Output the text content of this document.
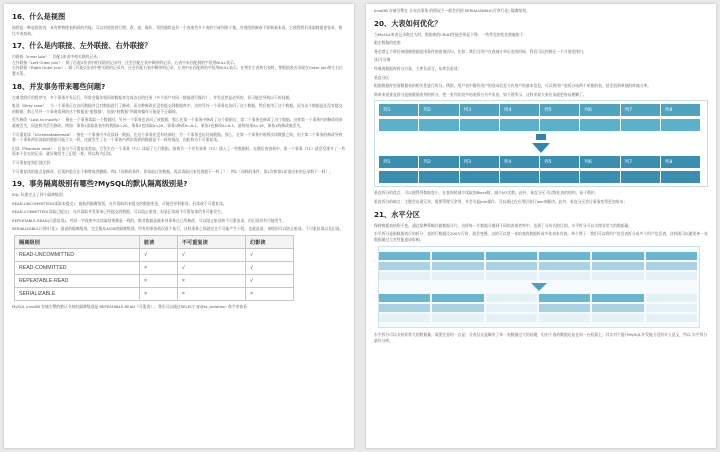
16、什么是视图
视图是一种虚拟的表，具有和物理表相同的功能。可以对视图进行增，改，查，操作，试图通常是有一个表或者多个表的行或列的子集。对视图的修改不影响基本表。它使得我们获取数据更容易，相比多表查询。
17、什么是内联接、左外联接、右外联接？
内联接（Inner Join）：匹配2张表中相关联的记录。
左外联接（Left Outer Join）：除了匹配2张表中相关联的记录外，还会匹配左表中剩余的记录，右表中未匹配到的字段用NULL表示。
右外联接（Right Outer Join）：除了匹配2张表中相关联的记录外，还会匹配右表中剩余的记录，左表中未匹配到的字段用NULL表示。在判定左表和右表时，要根据表名出现在Outer Join的左右位置关系。
18、并发事务带来哪些问题?
在典型的应用程序中，多个事务并发运行，经常会操作相同的数据来完成各自的任务（多个用户对同一数据进行操作）。并发虽然是必须的，但可能会导致以下的问题。
脏读（Dirty read）：当一个事务正在访问数据并且对数据进行了修改，而这种修改还没有提交到数据库中，这时另外一个事务也访问了这个数据，然后使用了这个数据。因为这个数据是还没有提交的数据，那么另外一个事务读到的这个数据是“脏数据”，依据“脏数据”所做的操作可能是不正确的。
丢失修改（Lost to modify）：指在一个事务读取一个数据时，另外一个事务也访问了该数据，那么在第一个事务中修改了这个数据后，第二个事务也修改了这个数据。这样第一个事务内的修改结果就被丢失，因此称为丢失修改。例如：事务1读取某表中的数据A=20，事务2也读取A=20，事务1修改A=A-1，事务2也修改A=A-1，最终结果A=19，事务1的修改被丢失。
不可重复读（Unrepeatableread）：指在一个事务内多次读同一数据。在这个事务还没有结束时，另一个事务也访问该数据。那么，在第一个事务中的两次读数据之间，由于第二个事务的修改导致第一个事务两次读取的数据可能不太一样。这就发生了在一个事务内两次读到的数据是不一样的情况，因此称为不可重复读。
幻读（Phantom read）：幻读与不可重复读类似。它发生在一个事务（T1）读取了几行数据，接着另一个并发事务（T2）插入了一些数据时。在随后的查询中，第一个事务（T1）就会发现多了一些原本不存在的记录，就好像发生了幻觉一样，所以称为幻读。
不可重复度和幻读区别：
不可重复读的重点是修改，幻读的重点在于新增或者删除。例1（同样的条件，你读取过的数据，再次读取出来发现值不一样了）：例2（同样的条件，第1次和第2次读出来的记录数不一样）。
19、事务隔离级别有哪些?MySQL的默认隔离级别是?
SQL 标准定义了四个隔离级别：
READ-UNCOMMITTED(读取未提交)：最低的隔离级别，允许读取尚未提交的数据变更，可能会导致脏读、幻读或不可重复读。
READ-COMMITTED(读取已提交)：允许读取并发事务已经提交的数据，可以阻止脏读，但是幻读或不可重复读仍有可能发生。
REPEATABLE-READ(可重复读)：对同一字段的多次读取结果都是一致的，除非数据是被本身事务自己所修改，可以阻止脏读和不可重复读，但幻读仍有可能发生。
SERIALIZABLE(可串行化)：最高的隔离级别，完全服从ACID的隔离级别。所有的事务依次逐个执行，这样事务之间就完全不可能产生干扰，也就是说，该级别可以防止脏读、不可重复读以及幻读。
隔离级别	脏读	不可重复读	幻影读
READ-UNCOMMITTED	√	√	√
READ-COMMITTED	×	√	√
REPEATABLE-READ	×	×	√
SERIALIZABLE	×	×	×
MySQL InnoDB 存储引擎的默认支持的隔离级别是 REPEATABLE-READ（可重读）。我们可以通过SELECT @@tx_isolation; 命令来查看
InnoDB 存储引擎在 分布式事务 的情况下一般会用到 SERIALIZABLE(可串行化) 隔离级别。
20、大表如何优化？
当MySQL单表记录数过大时，数据库的CRUD性能会明显下降，一些常见的优化措施如下：
限定数据的范围
务必禁止不带任何限制数据范围条件的查询语句。比如：我们当用户在查询订单历史的时候，我们可以控制在一个月的范围内；
读/写分离
经典的数据库拆分方案，主库负责写，从库负责读；
垂直分区
根据数据库里面数据表的相关性进行拆分。例如，用户表中既有用户的登录信息又有用户的基本信息，可以将用户表拆分成两个单独的表，甚至放到单独的库做分库。
简单来说垂直拆分是指数据表列的拆分，把一张列比较多的表拆分为多张表。如下图所示，这样来说大家应该就更容易理解了。
列1	列2	列3	列4	列5	列6	列7	列8
列1	列2	列3	列4	列5	列6	列7	列8
垂直拆分的优点：可以使得列数据变小，在查询时减少读取的Block数，减少I/O次数。此外，垂直分区可以简化表的结构，易于维护。
垂直拆分的缺点：主键会出现冗余，需要管理冗余列，并会引起Join操作，可以通过在应用层进行Join来解决。此外，垂直分区会让事务变得更加复杂；
21、水平分区
保持数据表结构不变，通过某种策略存储数据分片。这样每一片数据分散到不同的表或者库中，达到了分布式的目的。水平拆分可以支撑非常大的数据量。
水平拆分是指数据表行的拆分，表的行数超过200万行时，就会变慢，这时可以把一张的表的数据拆成多张表来存放。举个例子：我们可以将用户信息表拆分成多个用户信息表，这样就可以避免单一表数据量过大对性能造成影响。
水平拆分可以支持非常大的数据量。需要注意的一点是：分表仅仅是解决了单一表数据过大的问题，但由于表的数据还是在同一台机器上，其实对于提升MySQL并发能力没有什么意义，所以 水平拆分最好分库。
